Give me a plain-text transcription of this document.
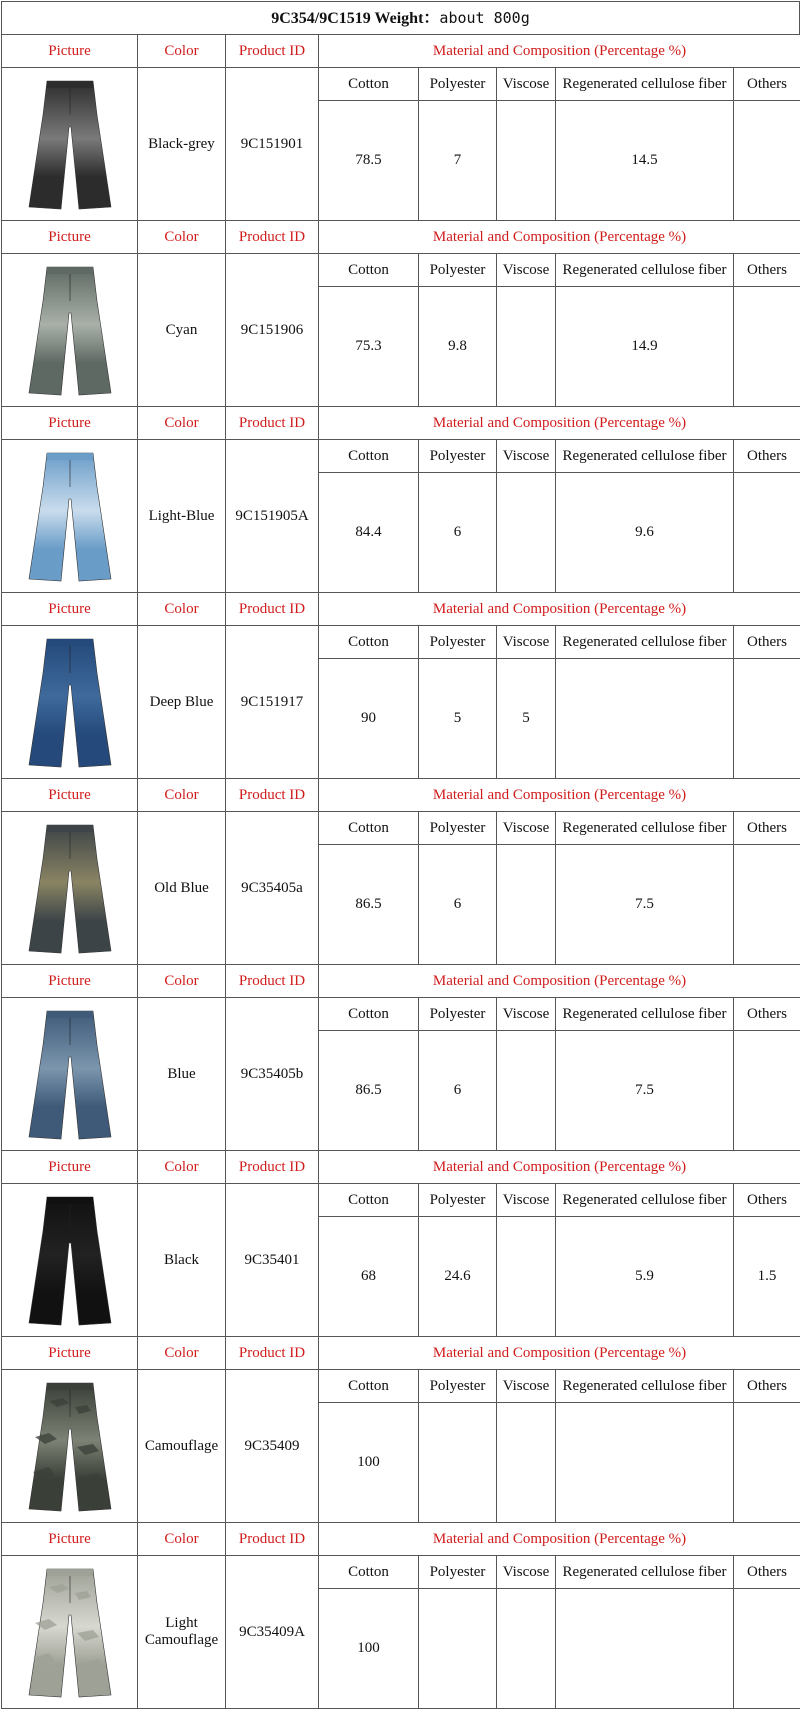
9C354/9C1519 Weight：about 800g
Picture	Color	Product ID	Material and Composition (Percentage %)				

	Black-grey	9C151901	Cotton	Polyester	Viscose	Regenerated cellulose fiber	Others
			78.5	7		14.5	
Picture	Color	Product ID	Material and Composition (Percentage %)				

	Cyan	9C151906	Cotton	Polyester	Viscose	Regenerated cellulose fiber	Others
			75.3	9.8		14.9	
Picture	Color	Product ID	Material and Composition (Percentage %)				

	Light-Blue	9C151905A	Cotton	Polyester	Viscose	Regenerated cellulose fiber	Others
			84.4	6		9.6	
Picture	Color	Product ID	Material and Composition (Percentage %)				

	Deep Blue	9C151917	Cotton	Polyester	Viscose	Regenerated cellulose fiber	Others
			90	5	5		
Picture	Color	Product ID	Material and Composition (Percentage %)				

	Old Blue	9C35405a	Cotton	Polyester	Viscose	Regenerated cellulose fiber	Others
			86.5	6		7.5	
Picture	Color	Product ID	Material and Composition (Percentage %)				

	Blue	9C35405b	Cotton	Polyester	Viscose	Regenerated cellulose fiber	Others
			86.5	6		7.5	
Picture	Color	Product ID	Material and Composition (Percentage %)				

	Black	9C35401	Cotton	Polyester	Viscose	Regenerated cellulose fiber	Others
			68	24.6		5.9	1.5
Picture	Color	Product ID	Material and Composition (Percentage %)				

	Camouflage	9C35409	Cotton	Polyester	Viscose	Regenerated cellulose fiber	Others
			100				
Picture	Color	Product ID	Material and Composition (Percentage %)				

	Light
Camouflage	9C35409A	Cotton	Polyester	Viscose	Regenerated cellulose fiber	Others
			100				
